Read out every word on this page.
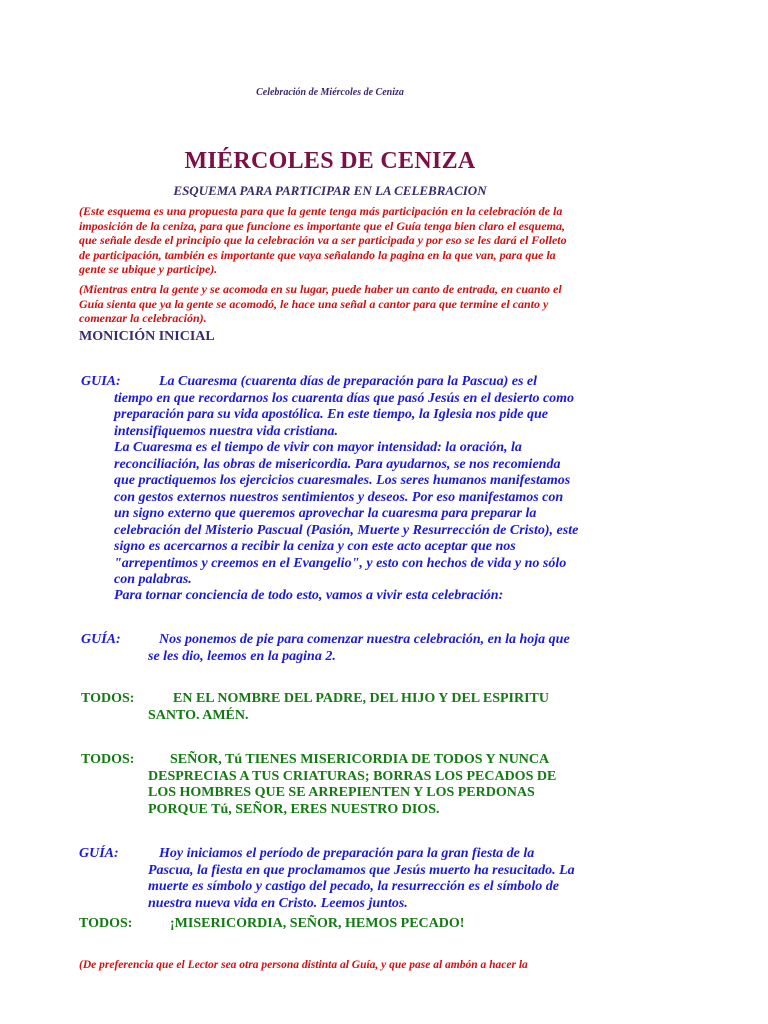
Celebración de Miércoles de Ceniza
MIÉRCOLES DE CENIZA
ESQUEMA PARA PARTICIPAR EN LA CELEBRACION
(Este esquema es una propuesta para que la gente tenga más participación en la celebración de la imposición de la ceniza, para que funcione es importante que el Guía tenga bien claro el esquema, que señale desde el principio que la celebración va a ser participada y por eso se les dará el Folleto de participación, también es importante que vaya señalando la pagina en la que van, para que la gente se ubique y participe).
(Mientras entra la gente y se acomoda en su lugar, puede haber un canto de entrada, en cuanto el Guía sienta que ya la gente se acomodó, le hace una señal a cantor para que termine el canto y comenzar la celebración).
MONICIÓN INICIAL
GUIA:	La Cuaresma (cuarenta días de preparación para la Pascua) es el
tiempo en que recordarnos los cuarenta días que pasó Jesús en el desierto como preparación para su vida apostólica. En este tiempo, la Iglesia nos pide que intensifiquemos nuestra vida cristiana.
La Cuaresma es el tiempo de vivir con mayor intensidad: la oración, la reconciliación, las obras de misericordia. Para ayudarnos, se nos recomienda que practiquemos los ejercicios cuaresmales. Los seres humanos manifestamos con gestos externos nuestros sentimientos y deseos. Por eso manifestamos con un signo externo que queremos aprovechar la cuaresma para preparar la celebración del Misterio Pascual (Pasión, Muerte y Resurrección de Cristo), este signo es acercarnos a recibir la ceniza y con este acto aceptar que nos "arrepentimos y creemos en el Evangelio", y esto con hechos de vida y no sólo con palabras.
Para tornar conciencia de todo esto, vamos a vivir esta celebración:
GUÍA:	Nos ponemos de pie para comenzar nuestra celebración, en la hoja que
se les dio, leemos en la pagina 2.
TODOS:	EN EL NOMBRE DEL PADRE, DEL HIJO Y DEL ESPIRITU
SANTO. AMÉN.
TODOS:	SEÑOR, Tú TIENES MISERICORDIA DE TODOS Y NUNCA
DESPRECIAS A TUS CRIATURAS; BORRAS LOS PECADOS DE LOS HOMBRES QUE SE ARREPIENTEN Y LOS PERDONAS PORQUE Tú, SEÑOR, ERES NUESTRO DIOS.
GUÍA:	Hoy iniciamos el período de preparación para la gran fiesta de la
Pascua, la fiesta en que proclamamos que Jesús muerto ha resucitado. La muerte es símbolo y castigo del pecado, la resurrección es el símbolo de nuestra nueva vida en Cristo. Leemos juntos.
TODOS:	¡MISERICORDIA, SEÑOR, HEMOS PECADO!
(De preferencia que el Lector sea otra persona distinta al Guía, y que pase al ambón a hacer la
